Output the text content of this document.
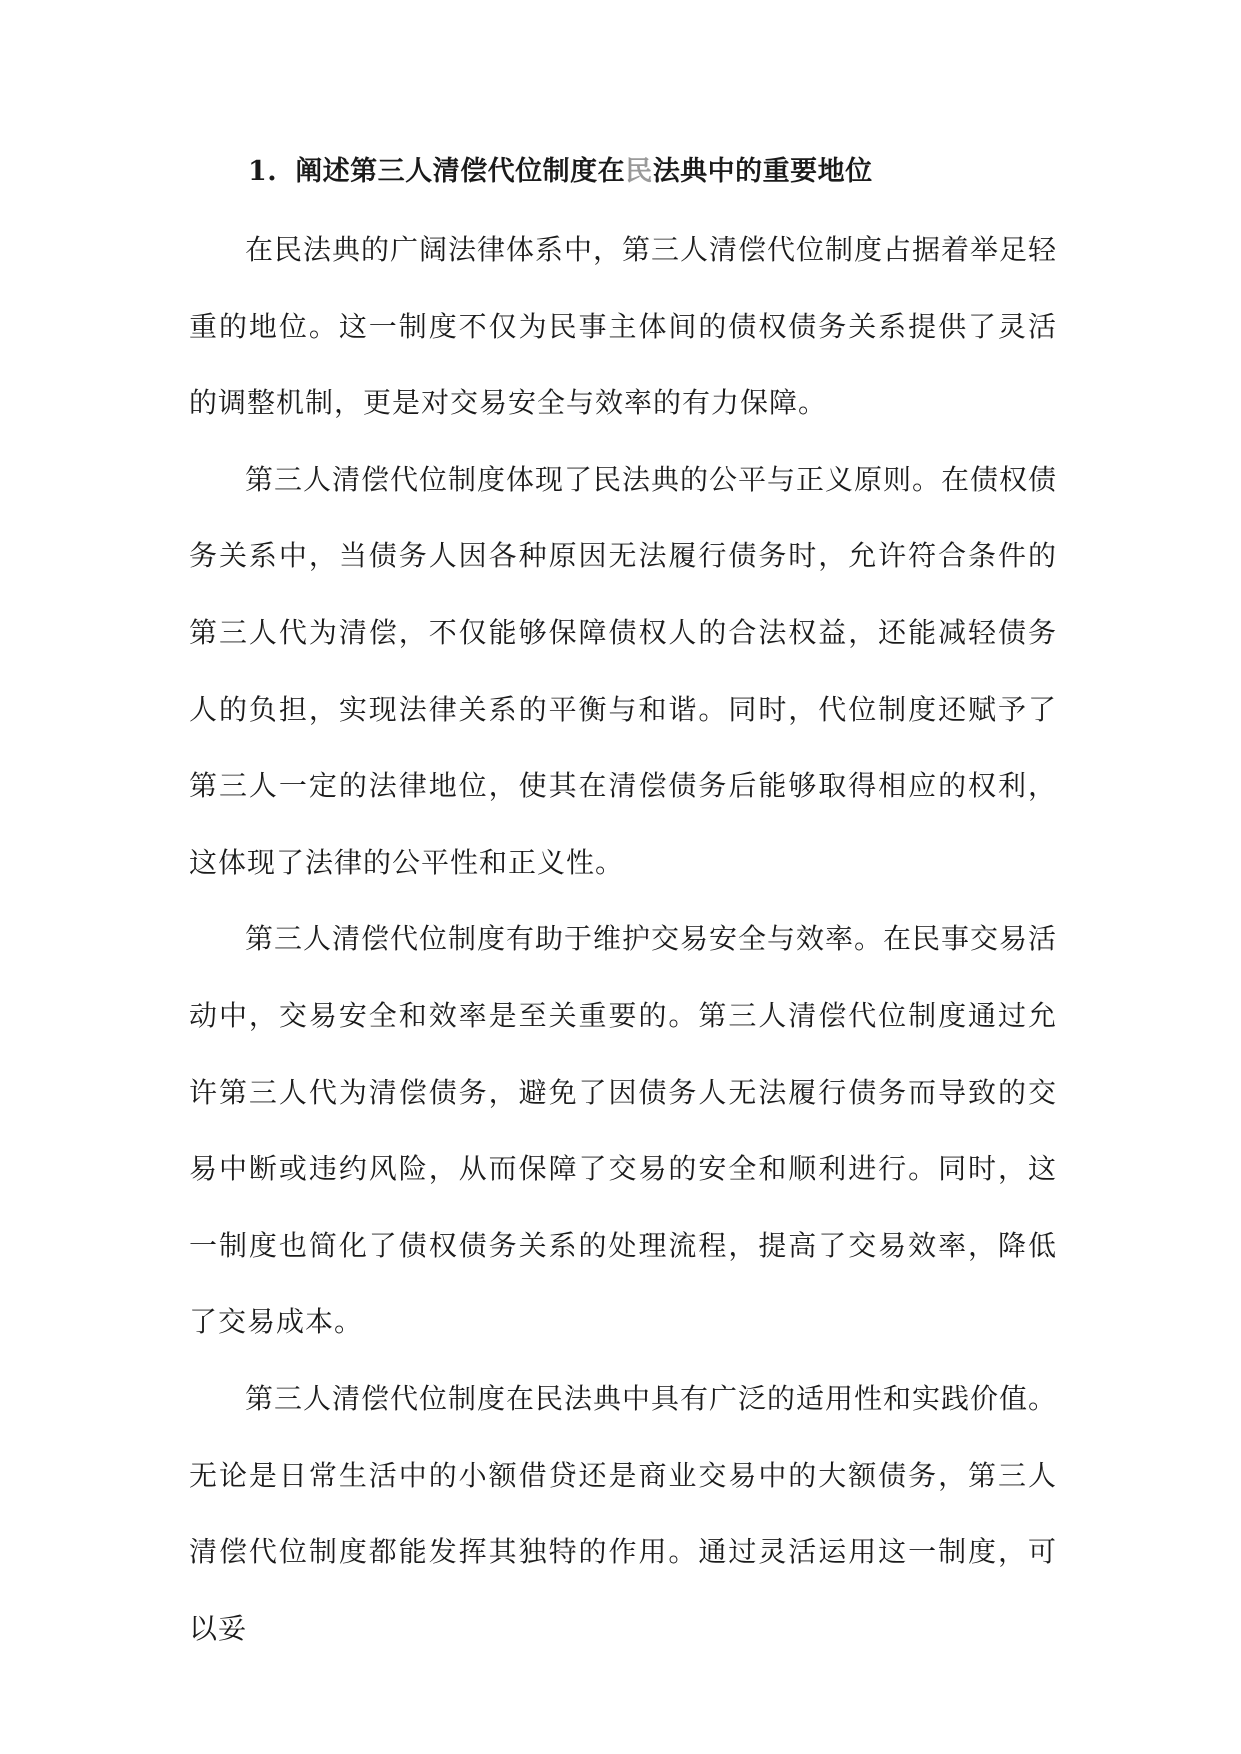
1. 阐述第三人清偿代位制度在民法典中的重要地位

在民法典的广阔法律体系中，第三人清偿代位制度占据着举足轻重的地位。这一制度不仅为民事主体间的债权债务关系提供了灵活的调整机制，更是对交易安全与效率的有力保障。

第三人清偿代位制度体现了民法典的公平与正义原则。在债权债务关系中，当债务人因各种原因无法履行债务时，允许符合条件的第三人代为清偿，不仅能够保障债权人的合法权益，还能减轻债务人的负担，实现法律关系的平衡与和谐。同时，代位制度还赋予了第三人一定的法律地位，使其在清偿债务后能够取得相应的权利，这体现了法律的公平性和正义性。

第三人清偿代位制度有助于维护交易安全与效率。在民事交易活动中，交易安全和效率是至关重要的。第三人清偿代位制度通过允许第三人代为清偿债务，避免了因债务人无法履行债务而导致的交易中断或违约风险，从而保障了交易的安全和顺利进行。同时，这一制度也简化了债权债务关系的处理流程，提高了交易效率，降低了交易成本。

第三人清偿代位制度在民法典中具有广泛的适用性和实践价值。无论是日常生活中的小额借贷还是商业交易中的大额债务，第三人清偿代位制度都能发挥其独特的作用。通过灵活运用这一制度，可以妥
